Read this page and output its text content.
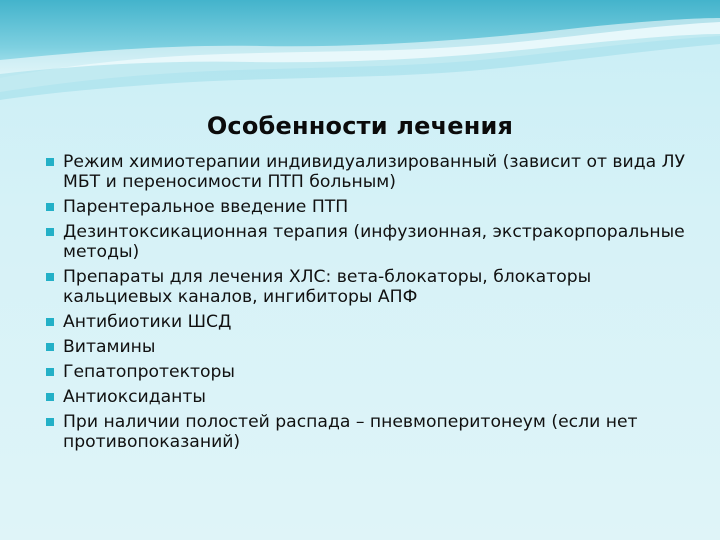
Особенности лечения
Режим химиотерапии индивидуализированный (зависит от вида ЛУ МБТ и переносимости ПТП больным)
Парентеральное введение ПТП
Дезинтоксикационная терапия (инфузионная, экстракорпоральные методы)
Препараты для лечения ХЛС: вета-блокаторы, блокаторы кальциевых каналов, ингибиторы АПФ
Антибиотики ШСД
Витамины
Гепатопротекторы
Антиоксиданты
При наличии полостей распада – пневмоперитонеум (если нет противопоказаний)
